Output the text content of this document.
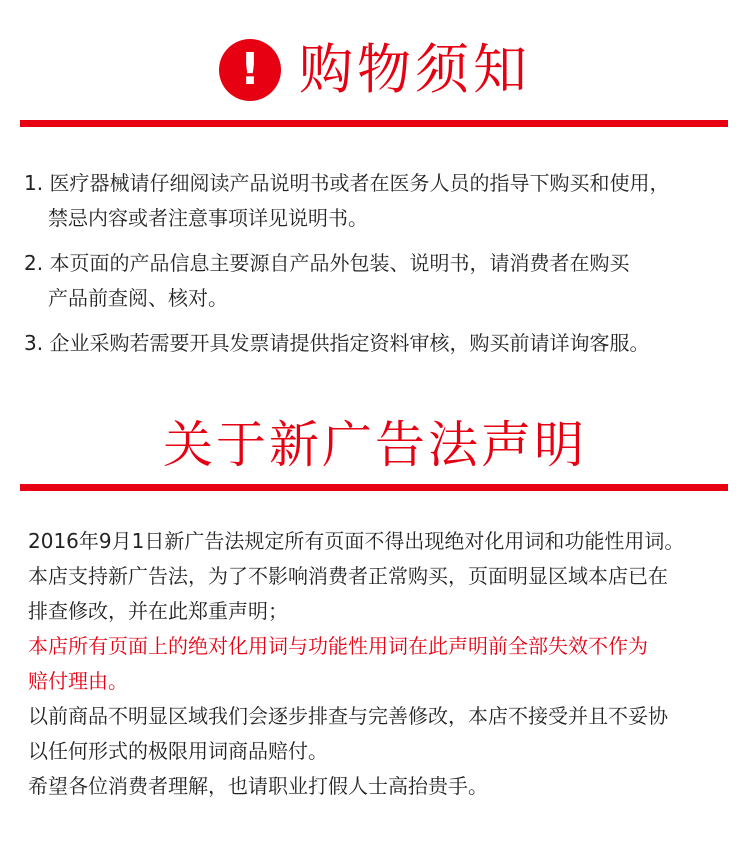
! 购物须知
1. 医疗器械请仔细阅读产品说明书或者在医务人员的指导下购买和使用，
禁忌内容或者注意事项详见说明书。
2. 本页面的产品信息主要源自产品外包装、说明书，请消费者在购买
产品前查阅、核对。
3. 企业采购若需要开具发票请提供指定资料审核，购买前请详询客服。
关于新广告法声明
2016年9月1日新广告法规定所有页面不得出现绝对化用词和功能性用词。
本店支持新广告法，为了不影响消费者正常购买，页面明显区域本店已在
排查修改，并在此郑重声明；
本店所有页面上的绝对化用词与功能性用词在此声明前全部失效不作为
赔付理由。
以前商品不明显区域我们会逐步排查与完善修改，本店不接受并且不妥协
以任何形式的极限用词商品赔付。
希望各位消费者理解，也请职业打假人士高抬贵手。
